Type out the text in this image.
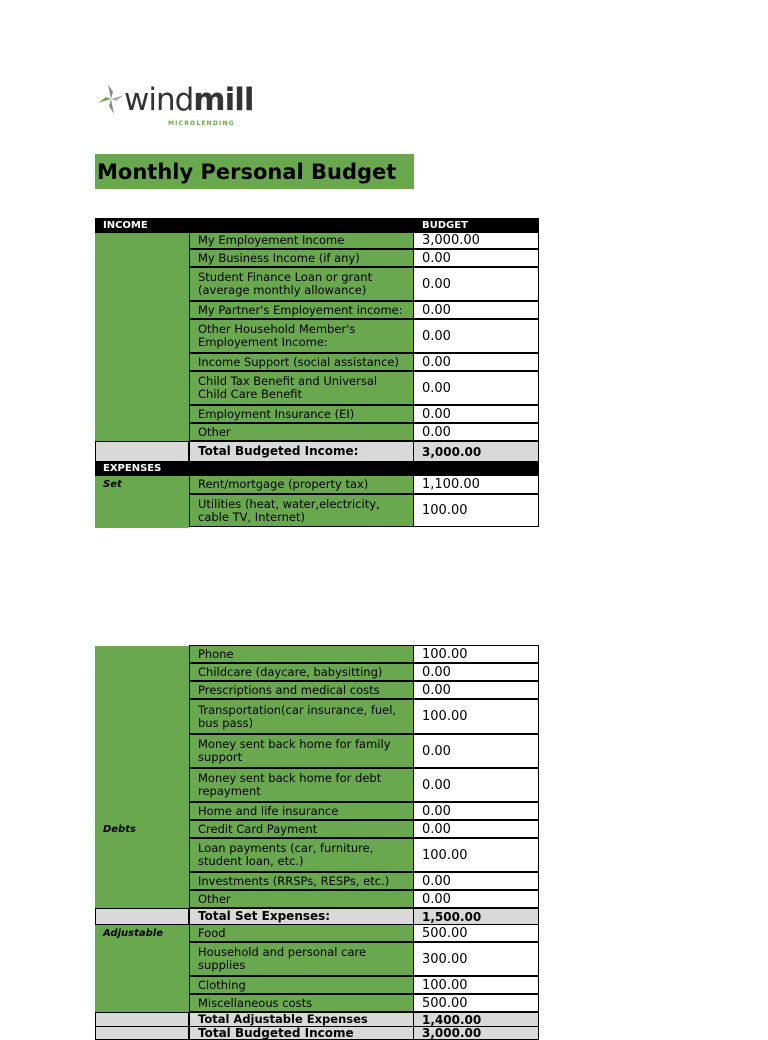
windmill
MICROLENDING
Monthly Personal Budget
INCOME	BUDGET
My Employement Income	3,000.00
My Business Income (if any)	0.00
Student Finance Loan or grant (average monthly allowance)	0.00
My Partner's Employement income:	0.00
Other Household Member's Employement Income:	0.00
Income Support (social assistance)	0.00
Child Tax Benefit and Universal Child Care Benefit	0.00
Employment Insurance (EI)	0.00
Other	0.00
Total Budgeted Income:	3,000.00
EXPENSES
Set	Rent/mortgage (property tax)	1,100.00
Utilities (heat, water,electricity, cable TV, Internet)	100.00
Phone	100.00
Childcare (daycare, babysitting)	0.00
Prescriptions and medical costs	0.00
Transportation(car insurance, fuel, bus pass)	100.00
Money sent back home for family support	0.00
Money sent back home for debt repayment	0.00
Home and life insurance	0.00
Debts	Credit Card Payment	0.00
Loan payments (car, furniture, student loan, etc.)	100.00
Investments (RRSPs, RESPs, etc.)	0.00
Other	0.00
Total Set Expenses:	1,500.00
Adjustable	Food	500.00
Household and personal care supplies	300.00
Clothing	100.00
Miscellaneous costs	500.00
Total Adjustable Expenses	1,400.00
Total Budgeted Income	3,000.00
